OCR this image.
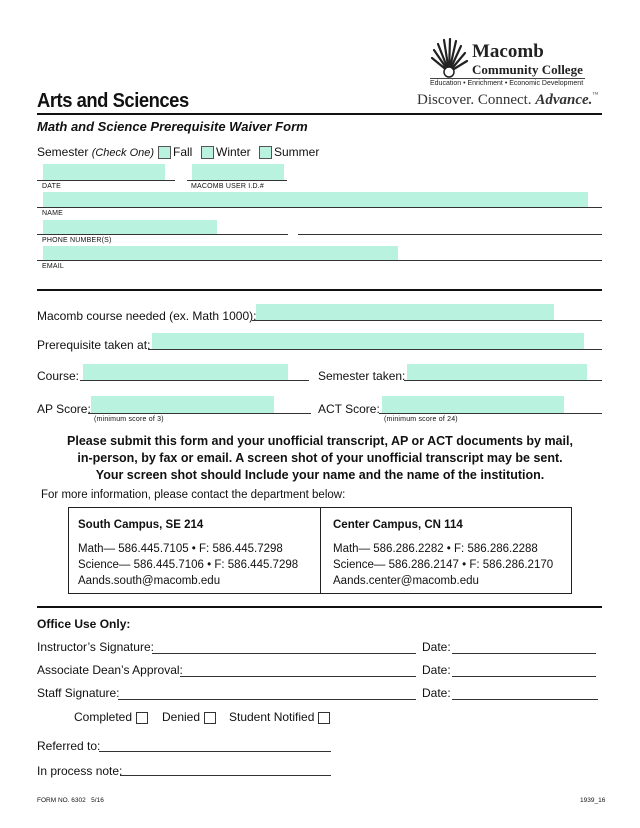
Macomb
Community College
Education • Enrichment • Economic Development
Discover. Connect. Advance.™
Arts and Sciences
Math and Science Prerequisite Waiver Form
Semester (Check One) Fall Winter Summer
DATE	MACOMB USER I.D.#
NAME
PHONE NUMBER(S)
EMAIL
Macomb course needed (ex. Math 1000):
Prerequisite taken at:
Course:	Semester taken:
AP Score:
(minimum score of 3)
ACT Score:
(minimum score of 24)
Please submit this form and your unofficial transcript, AP or ACT documents by mail,
in-person, by fax or email. A screen shot of your unofficial transcript may be sent.
Your screen shot should Include your name and the name of the institution.
For more information, please contact the department below:
South Campus, SE 214
Math— 586.445.7105 • F: 586.445.7298
Science— 586.445.7106 • F: 586.445.7298
Aands.south@macomb.edu
Center Campus, CN 114
Math— 586.286.2282 • F: 586.286.2288
Science— 586.286.2147 • F: 586.286.2170
Aands.center@macomb.edu
Office Use Only:
Instructor’s Signature:	Date:
Associate Dean’s Approval:	Date:
Staff Signature:	Date:
Completed Denied Student Notified
Referred to:
In process note:
FORM NO. 6302   5/16	1939_16
